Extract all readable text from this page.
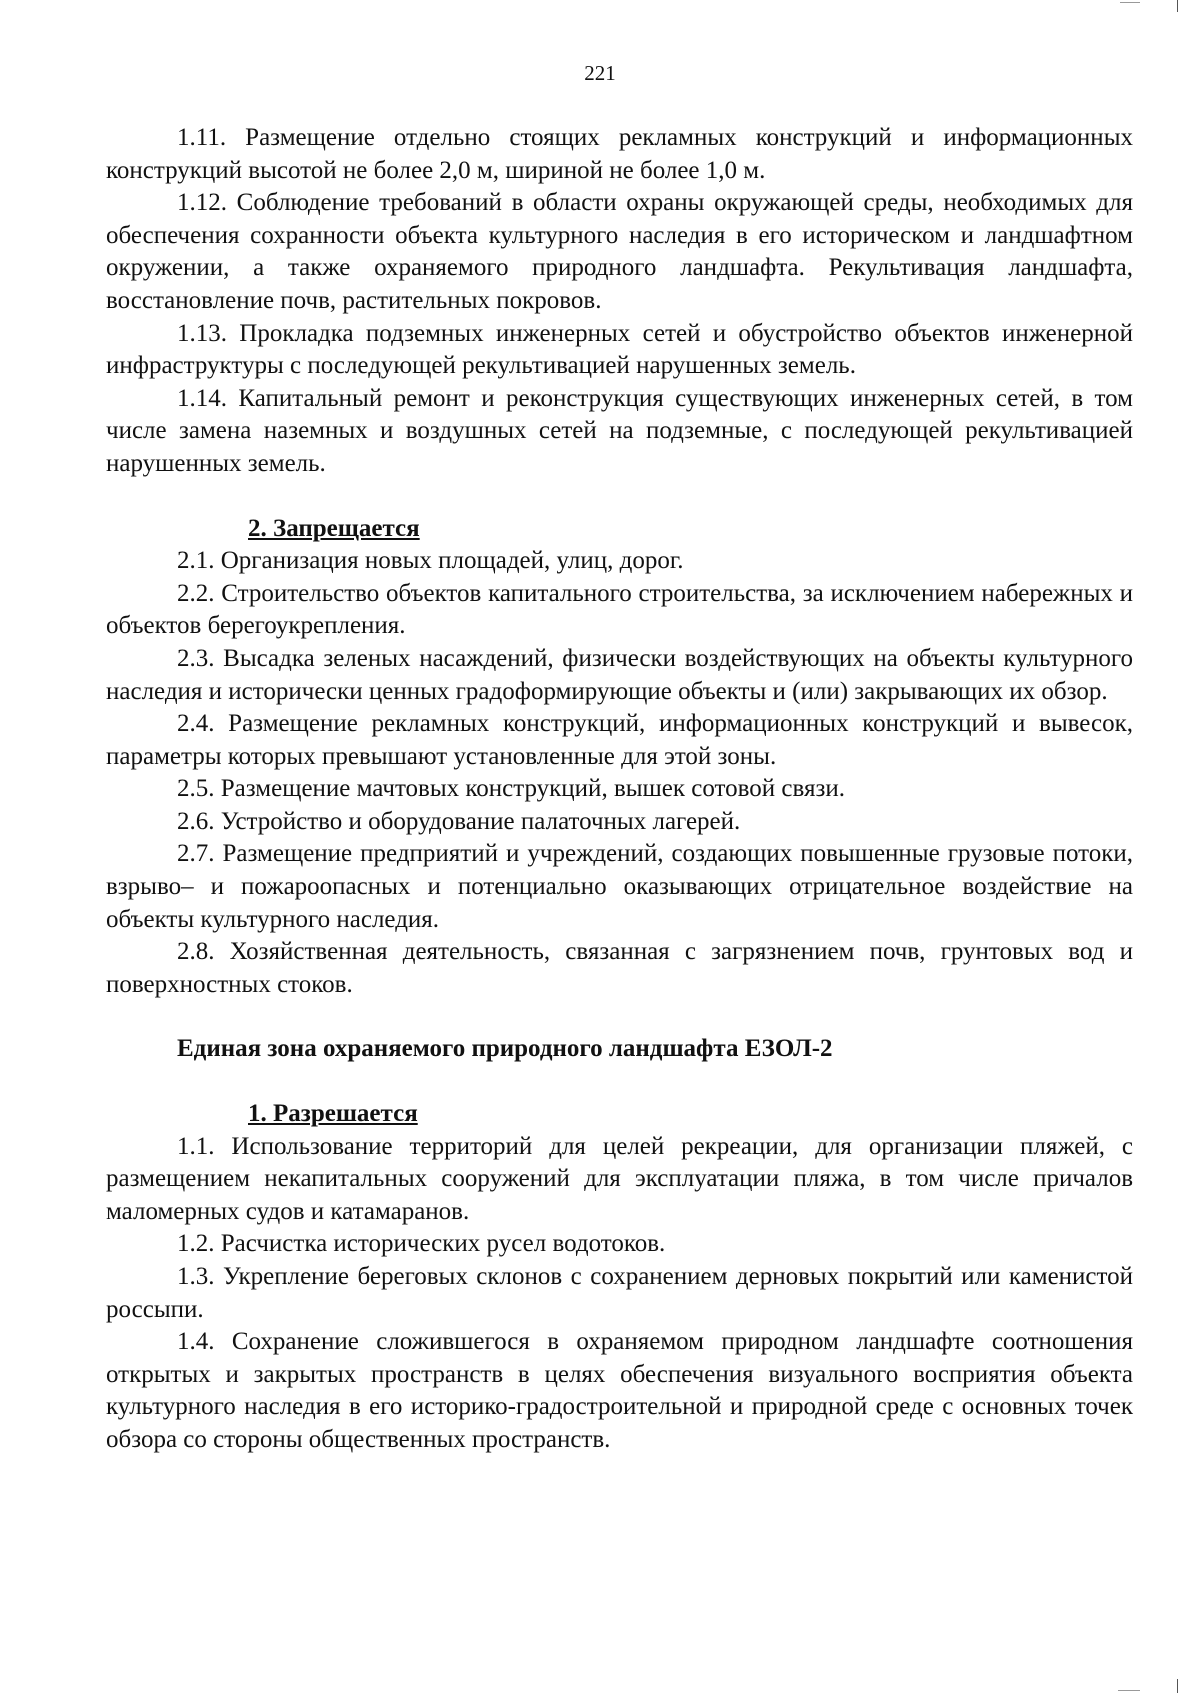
221

1.11. Размещение отдельно стоящих рекламных конструкций и информационных конструкций высотой не более 2,0 м, шириной не более 1,0 м.

1.12. Соблюдение требований в области охраны окружающей среды, необходимых для обеспечения сохранности объекта культурного наследия в его историческом и ландшафтном окружении, а также охраняемого природного ландшафта. Рекультивация ландшафта, восстановление почв, растительных покровов.

1.13. Прокладка подземных инженерных сетей и обустройство объектов инженерной инфраструктуры с последующей рекультивацией нарушенных земель.

1.14. Капитальный ремонт и реконструкция существующих инженерных сетей, в том числе замена наземных и воздушных сетей на подземные, с последующей рекультивацией нарушенных земель.

2. Запрещается

2.1. Организация новых площадей, улиц, дорог.

2.2. Строительство объектов капитального строительства, за исключением набережных и объектов берегоукрепления.

2.3. Высадка зеленых насаждений, физически воздействующих на объекты культурного наследия и исторически ценных градоформирующие объекты и (или) закрывающих их обзор.

2.4. Размещение рекламных конструкций, информационных конструкций и вывесок, параметры которых превышают установленные для этой зоны.

2.5. Размещение мачтовых конструкций, вышек сотовой связи.

2.6. Устройство и оборудование палаточных лагерей.

2.7. Размещение предприятий и учреждений, создающих повышенные грузовые потоки, взрыво– и пожароопасных и потенциально оказывающих отрицательное воздействие на объекты культурного наследия.

2.8. Хозяйственная деятельность, связанная с загрязнением почв, грунтовых вод и поверхностных стоков.

Единая зона охраняемого природного ландшафта ЕЗОЛ-2

1. Разрешается

1.1. Использование территорий для целей рекреации, для организации пляжей, с размещением некапитальных сооружений для эксплуатации пляжа, в том числе причалов маломерных судов и катамаранов.

1.2. Расчистка исторических русел водотоков.

1.3. Укрепление береговых склонов с сохранением дерновых покрытий или каменистой россыпи.

1.4. Сохранение сложившегося в охраняемом природном ландшафте соотношения открытых и закрытых пространств в целях обеспечения визуального восприятия объекта культурного наследия в его историко-градостроительной и природной среде с основных точек обзора со стороны общественных пространств.
